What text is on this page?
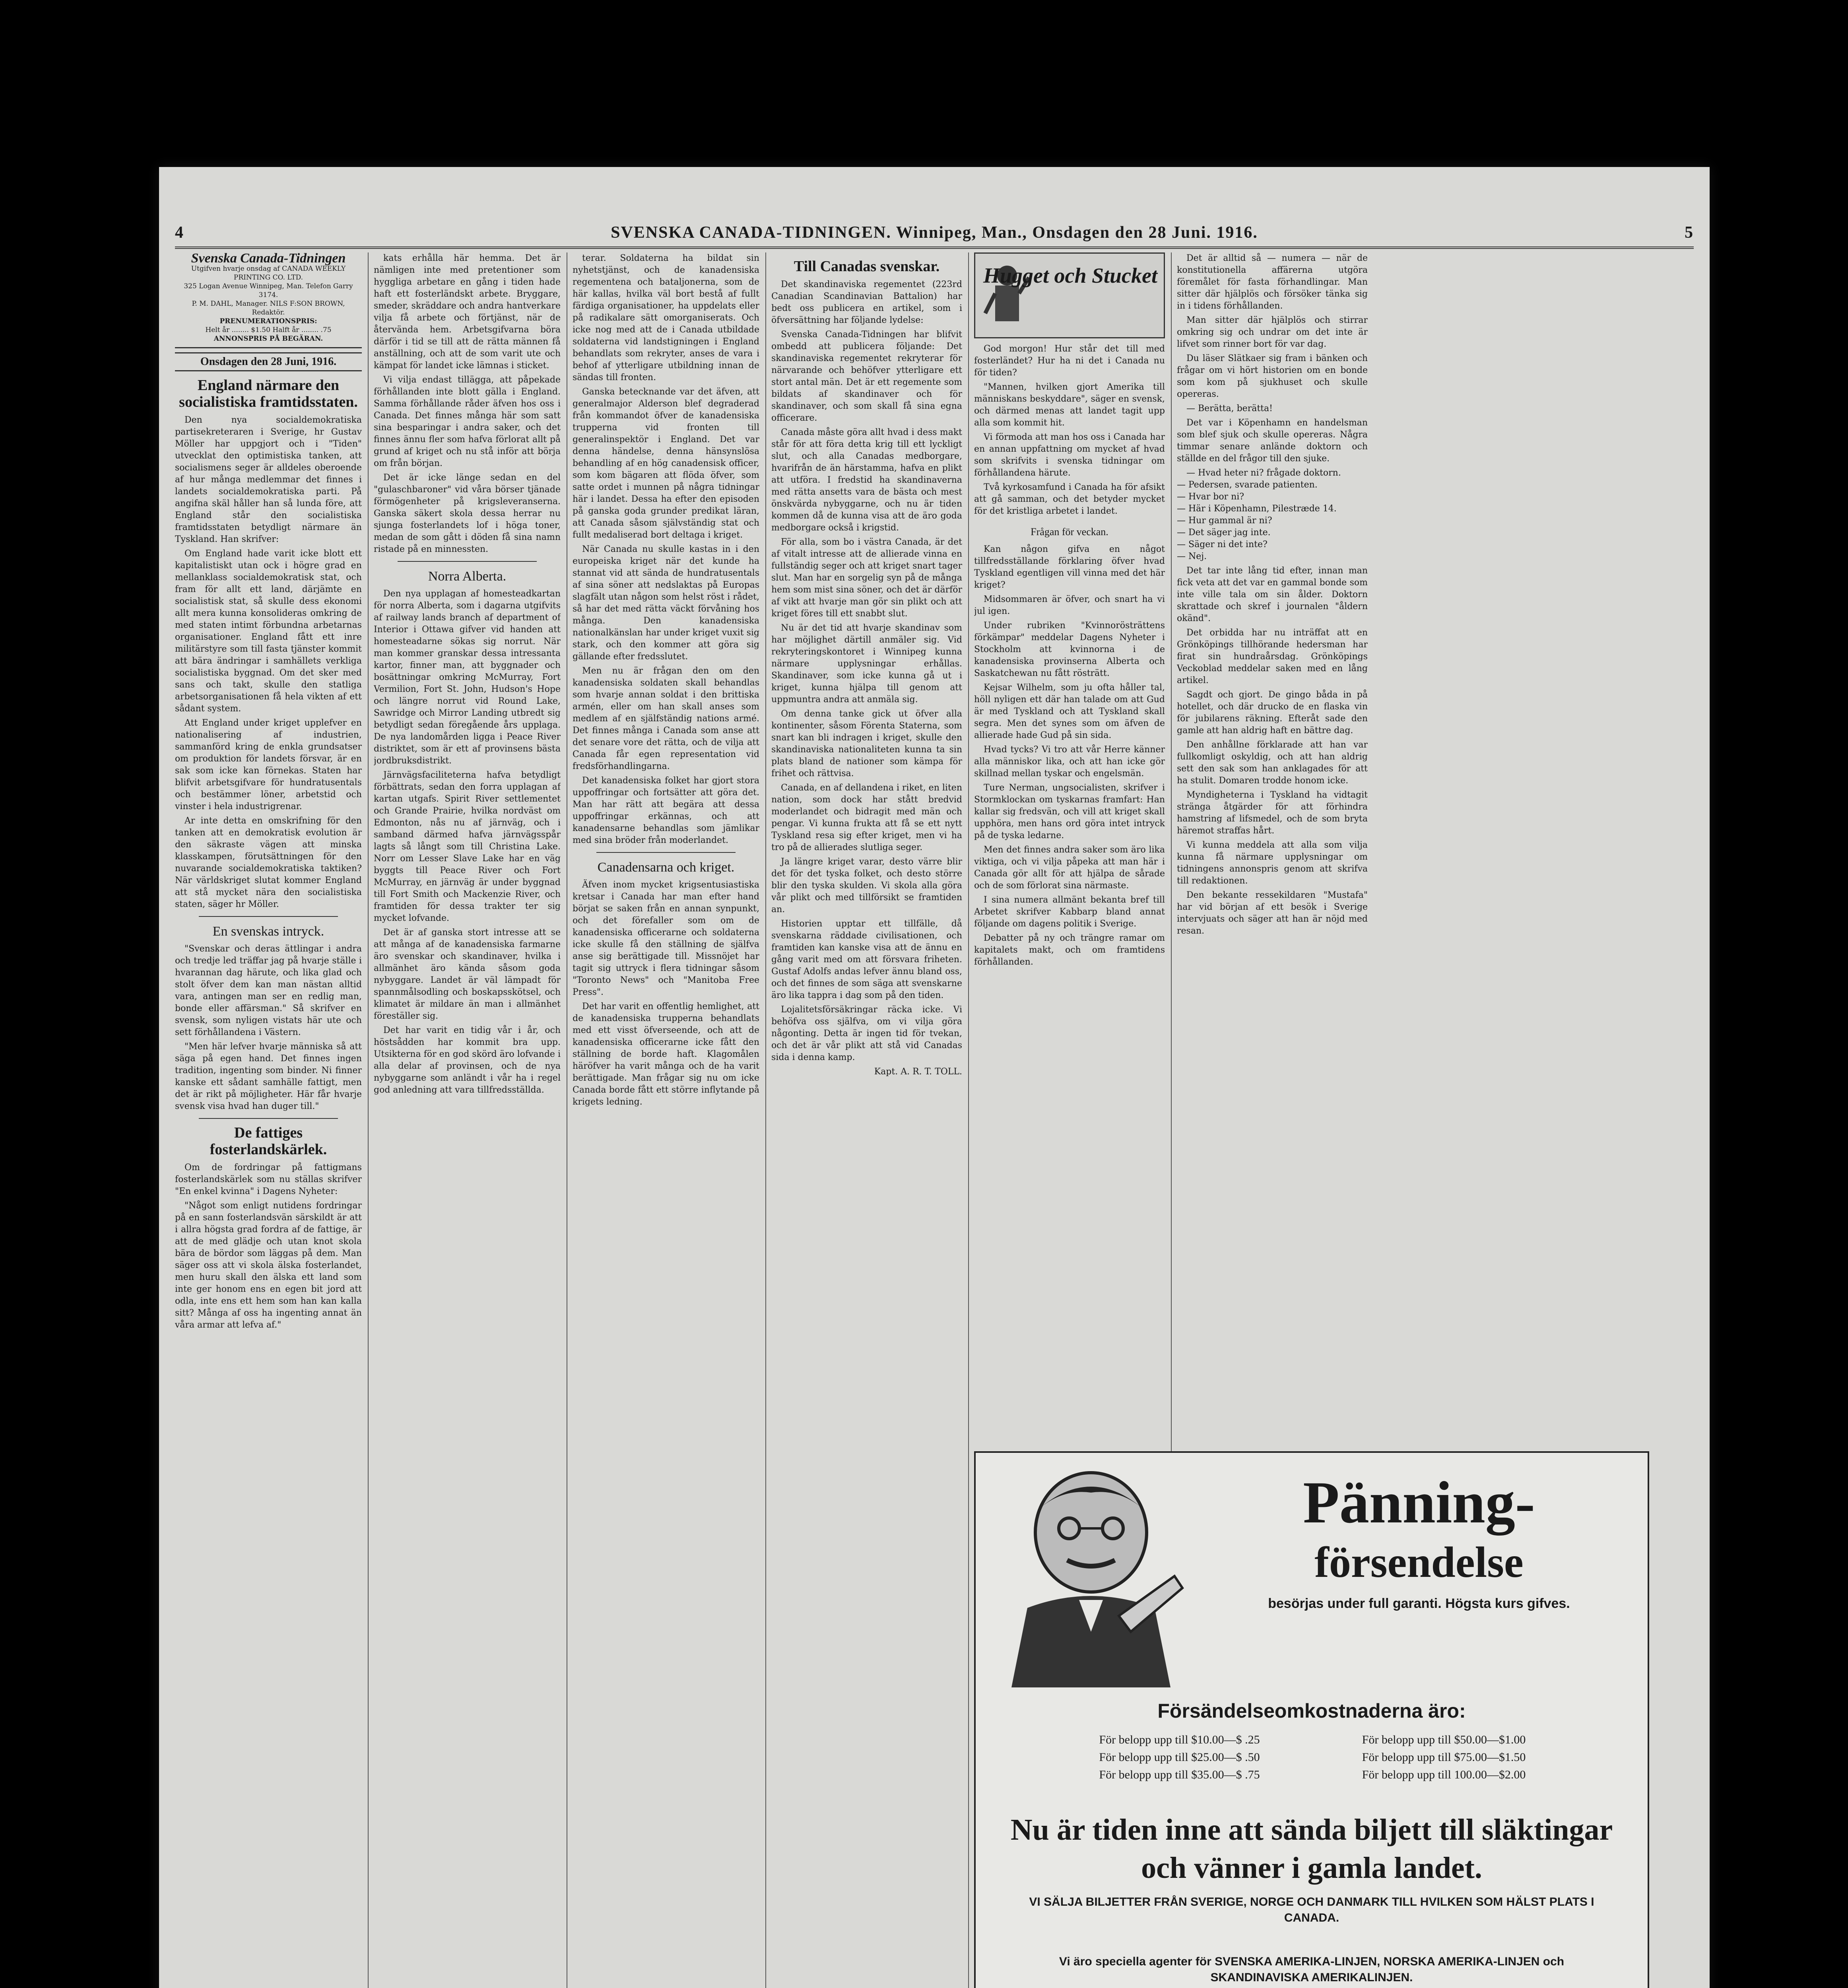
4	SVENSKA CANADA-TIDNINGEN. Winnipeg, Man., Onsdagen den 28 Juni. 1916.	5
Svenska Canada-Tidningen
Utgifven hvarje onsdag af CANADA WEEKLY PRINTING CO. LTD.
325 Logan Avenue Winnipeg, Man. Telefon Garry 3174.
P. M. DAHL, Manager. NILS F:SON BROWN, Redaktör.
PRENUMERATIONSPRIS:
Helt år ........ $1.50 Halft år ........ .75
ANNONSPRIS PÅ BEGÄRAN.
Onsdagen den 28 Juni, 1916.
England närmare den socialistiska framtidsstaten.

Den nya socialdemokratiska partisekreteraren i Sverige, hr Gustav Möller har uppgjort och i "Tiden" utvecklat den optimistiska tanken, att socialismens seger är alldeles oberoende af hur många medlemmar det finnes i landets socialdemokratiska parti. På angifna skäl håller han så lunda före, att England står den socialistiska framtidsstaten betydligt närmare än Tyskland. Han skrifver:

Om England hade varit icke blott ett kapitalistiskt utan ock i högre grad en mellanklass socialdemokratisk stat, och fram för allt ett land, därjämte en socialistisk stat, så skulle dess ekonomi allt mera kunna konsolideras omkring de med staten intimt förbundna arbetarnas organisationer. England fått ett inre militärstyre som till fasta tjänster kommit att bära ändringar i samhällets verkliga socialistiska byggnad. Om det sker med sans och takt, skulle den statliga arbetsorganisationen få hela vikten af ett sådant system.

Att England under kriget upplefver en nationalisering af industrien, sammanförd kring de enkla grundsatser om produktion för landets försvar, är en sak som icke kan förnekas. Staten har blifvit arbetsgifvare för hundratusentals och bestämmer löner, arbetstid och vinster i hela industrigrenar.

Ar inte detta en omskrifning för den tanken att en demokratisk evolution är den säkraste vägen att minska klasskampen, förutsättningen för den nuvarande socialdemokratiska taktiken? När världskriget slutat kommer England att stå mycket nära den socialistiska staten, säger hr Möller.

En svenskas intryck.

"Svenskar och deras ättlingar i andra och tredje led träffar jag på hvarje ställe i hvarannan dag härute, och lika glad och stolt öfver dem kan man nästan alltid vara, antingen man ser en redlig man, bonde eller affärsman." Så skrifver en svensk, som nyligen vistats här ute och sett förhållandena i Västern.

"Men här lefver hvarje människa så att säga på egen hand. Det finnes ingen tradition, ingenting som binder. Ni finner kanske ett sådant samhälle fattigt, men det är rikt på möjligheter. Här får hvarje svensk visa hvad han duger till."

De fattiges fosterlandskärlek.

Om de fordringar på fattigmans fosterlandskärlek som nu ställas skrifver "En enkel kvinna" i Dagens Nyheter:

"Något som enligt nutidens fordringar på en sann fosterlandsvän särskildt är att i allra högsta grad fordra af de fattige, är att de med glädje och utan knot skola bära de bördor som läggas på dem. Man säger oss att vi skola älska fosterlandet, men huru skall den älska ett land som inte ger honom ens en egen bit jord att odla, inte ens ett hem som han kan kalla sitt? Många af oss ha ingenting annat än våra armar att lefva af."

kats erhålla här hemma. Det är nämligen inte med pretentioner som hyggliga arbetare en gång i tiden hade haft ett fosterländskt arbete. Bryggare, smeder, skräddare och andra hantverkare vilja få arbete och förtjänst, när de återvända hem. Arbetsgifvarna böra därför i tid se till att de rätta männen få anställning, och att de som varit ute och kämpat för landet icke lämnas i sticket.

Vi vilja endast tillägga, att påpekade förhållanden inte blott gälla i England. Samma förhållande råder äfven hos oss i Canada. Det finnes många här som satt sina besparingar i andra saker, och det finnes ännu fler som hafva förlorat allt på grund af kriget och nu stå inför att börja om från början.

Det är icke länge sedan en del "gulaschbaroner" vid våra börser tjänade förmögenheter på krigsleveranserna. Ganska säkert skola dessa herrar nu sjunga fosterlandets lof i höga toner, medan de som gått i döden få sina namn ristade på en minnessten.

Norra Alberta.

Den nya upplagan af homesteadkartan för norra Alberta, som i dagarna utgifvits af railway lands branch af department of Interior i Ottawa gifver vid handen att homesteadarne sökas sig norrut. När man kommer granskar dessa intressanta kartor, finner man, att byggnader och bosättningar omkring McMurray, Fort Vermilion, Fort St. John, Hudson's Hope och längre norrut vid Round Lake, Sawridge och Mirror Landing utbredt sig betydligt sedan föregående års upplaga. De nya landomården ligga i Peace River distriktet, som är ett af provinsens bästa jordbruksdistrikt.

Järnvägsfaciliteterna hafva betydligt förbättrats, sedan den forra upplagan af kartan utgafs. Spirit River settlementet och Grande Prairie, hvilka nordväst om Edmonton, nås nu af järnväg, och i samband därmed hafva järnvägsspår lagts så långt som till Christina Lake. Norr om Lesser Slave Lake har en väg byggts till Peace River och Fort McMurray, en järnväg är under byggnad till Fort Smith och Mackenzie River, och framtiden för dessa trakter ter sig mycket lofvande.

Det är af ganska stort intresse att se att många af de kanadensiska farmarne äro svenskar och skandinaver, hvilka i allmänhet äro kända såsom goda nybyggare. Landet är väl lämpadt för spannmålsodling och boskapsskötsel, och klimatet är mildare än man i allmänhet föreställer sig.

Det har varit en tidig vår i år, och höstsådden har kommit bra upp. Utsikterna för en god skörd äro lofvande i alla delar af provinsen, och de nya nybyggarne som anländt i vår ha i regel god anledning att vara tillfredsställda.

terar. Soldaterna ha bildat sin nyhetstjänst, och de kanadensiska regementena och bataljonerna, som de här kallas, hvilka väl bort bestå af fullt färdiga organisationer, ha uppdelats eller på radikalare sätt omorganiserats. Och icke nog med att de i Canada utbildade soldaterna vid landstigningen i England behandlats som rekryter, anses de vara i behof af ytterligare utbildning innan de sändas till fronten.

Ganska betecknande var det äfven, att generalmajor Alderson blef degraderad från kommandot öfver de kanadensiska trupperna vid fronten till generalinspektör i England. Det var denna händelse, denna hänsynslösa behandling af en hög canadensisk officer, som kom bägaren att flöda öfver, som satte ordet i munnen på några tidningar här i landet. Dessa ha efter den episoden på ganska goda grunder predikat läran, att Canada såsom självständig stat och fullt medaliserad bort deltaga i kriget.

När Canada nu skulle kastas in i den europeiska kriget när det kunde ha stannat vid att sända de hundratusentals af sina söner att nedslaktas på Europas slagfält utan någon som helst röst i rådet, så har det med rätta väckt förvåning hos många. Den kanadensiska nationalkänslan har under kriget vuxit sig stark, och den kommer att göra sig gällande efter fredsslutet.

Men nu är frågan den om den kanadensiska soldaten skall behandlas som hvarje annan soldat i den brittiska armén, eller om han skall anses som medlem af en själfständig nations armé. Det finnes många i Canada som anse att det senare vore det rätta, och de vilja att Canada får egen representation vid fredsförhandlingarna.

Det kanadensiska folket har gjort stora uppoffringar och fortsätter att göra det. Man har rätt att begära att dessa uppoffringar erkännas, och att kanadensarne behandlas som jämlikar med sina bröder från moderlandet.

Canadensarna och kriget.

Äfven inom mycket krigsentusiastiska kretsar i Canada har man efter hand börjat se saken från en annan synpunkt, och det förefaller som om de kanadensiska officerarne och soldaterna icke skulle få den ställning de själfva anse sig berättigade till. Missnöjet har tagit sig uttryck i flera tidningar såsom "Toronto News" och "Manitoba Free Press".

Det har varit en offentlig hemlighet, att de kanadensiska trupperna behandlats med ett visst öfverseende, och att de kanadensiska officerarne icke fått den ställning de borde haft. Klagomålen häröfver ha varit många och de ha varit berättigade. Man frågar sig nu om icke Canada borde fått ett större inflytande på krigets ledning.

Till Canadas svenskar.

Det skandinaviska regementet (223rd Canadian Scandinavian Battalion) har bedt oss publicera en artikel, som i öfversättning har följande lydelse:

Svenska Canada-Tidningen har blifvit ombedd att publicera följande: Det skandinaviska regementet rekryterar för närvarande och behöfver ytterligare ett stort antal män. Det är ett regemente som bildats af skandinaver och för skandinaver, och som skall få sina egna officerare.

Canada måste göra allt hvad i dess makt står för att föra detta krig till ett lyckligt slut, och alla Canadas medborgare, hvarifrån de än härstamma, hafva en plikt att utföra. I fredstid ha skandinaverna med rätta ansetts vara de bästa och mest önskvärda nybyggarne, och nu är tiden kommen då de kunna visa att de äro goda medborgare också i krigstid.

För alla, som bo i västra Canada, är det af vitalt intresse att de allierade vinna en fullständig seger och att kriget snart tager slut. Man har en sorgelig syn på de många hem som mist sina söner, och det är därför af vikt att hvarje man gör sin plikt och att kriget föres till ett snabbt slut.

Nu är det tid att hvarje skandinav som har möjlighet därtill anmäler sig. Vid rekryteringskontoret i Winnipeg kunna närmare upplysningar erhållas. Skandinaver, som icke kunna gå ut i kriget, kunna hjälpa till genom att uppmuntra andra att anmäla sig.

Om denna tanke gick ut öfver alla kontinenter, såsom Förenta Staterna, som snart kan bli indragen i kriget, skulle den skandinaviska nationaliteten kunna ta sin plats bland de nationer som kämpa för frihet och rättvisa.

Canada, en af dellandena i riket, en liten nation, som dock har stått bredvid moderlandet och bidragit med män och pengar. Vi kunna frukta att få se ett nytt Tyskland resa sig efter kriget, men vi ha tro på de allierades slutliga seger.

Ja längre kriget varar, desto värre blir det för det tyska folket, och desto större blir den tyska skulden. Vi skola alla göra vår plikt och med tillförsikt se framtiden an.

Historien upptar ett tillfälle, då svenskarna räddade civilisationen, och framtiden kan kanske visa att de ännu en gång varit med om att försvara friheten. Gustaf Adolfs andas lefver ännu bland oss, och det finnes de som säga att svenskarne äro lika tappra i dag som på den tiden.

Lojalitetsförsäkringar räcka icke. Vi behöfva oss själfva, om vi vilja göra någonting. Detta är ingen tid för tvekan, och det är vår plikt att stå vid Canadas sida i denna kamp.

Kapt. A. R. T. TOLL.

Hugget och Stucket

God morgon! Hur står det till med fosterländet? Hur ha ni det i Canada nu för tiden?

"Mannen, hvilken gjort Amerika till människans beskyddare", säger en svensk, och därmed menas att landet tagit upp alla som kommit hit.

Vi förmoda att man hos oss i Canada har en annan uppfattning om mycket af hvad som skrifvits i svenska tidningar om förhållandena härute.

Två kyrkosamfund i Canada ha för afsikt att gå samman, och det betyder mycket för det kristliga arbetet i landet.

Frågan för veckan.

Kan någon gifva en något tillfredsställande förklaring öfver hvad Tyskland egentligen vill vinna med det här kriget?

Midsommaren är öfver, och snart ha vi jul igen.

Under rubriken "Kvinnorösträttens förkämpar" meddelar Dagens Nyheter i Stockholm att kvinnorna i de kanadensiska provinserna Alberta och Saskatchewan nu fått rösträtt.

Kejsar Wilhelm, som ju ofta håller tal, höll nyligen ett där han talade om att Gud är med Tyskland och att Tyskland skall segra. Men det synes som om äfven de allierade hade Gud på sin sida.

Hvad tycks? Vi tro att vår Herre känner alla människor lika, och att han icke gör skillnad mellan tyskar och engelsmän.

Ture Nerman, ungsocialisten, skrifver i Stormklockan om tyskarnas framfart: Han kallar sig fredsvän, och vill att kriget skall upphöra, men hans ord göra intet intryck på de tyska ledarne.

Men det finnes andra saker som äro lika viktiga, och vi vilja påpeka att man här i Canada gör allt för att hjälpa de sårade och de som förlorat sina närmaste.

I sina numera allmänt bekanta bref till Arbetet skrifver Kabbarp bland annat följande om dagens politik i Sverige.

Debatter på ny och trängre ramar om kapitalets makt, och om framtidens förhållanden.

Det är alltid så — numera — när de konstitutionella affärerna utgöra föremålet för fasta förhandlingar. Man sitter där hjälplös och försöker tänka sig in i tidens förhållanden.

Man sitter där hjälplös och stirrar omkring sig och undrar om det inte är lifvet som rinner bort för var dag.

Du läser Slätkaer sig fram i bänken och frågar om vi hört historien om en bonde som kom på sjukhuset och skulle opereras.

— Berätta, berätta!

Det var i Köpenhamn en handelsman som blef sjuk och skulle opereras. Några timmar senare anlände doktorn och ställde en del frågor till den sjuke.

— Hvad heter ni? frågade doktorn.
— Pedersen, svarade patienten.
— Hvar bor ni?
— Här i Köpenhamn, Pilestræde 14.
— Hur gammal är ni?
— Det säger jag inte.
— Säger ni det inte?
— Nej.

Det tar inte lång tid efter, innan man fick veta att det var en gammal bonde som inte ville tala om sin ålder. Doktorn skrattade och skref i journalen "åldern okänd".

Det orbidda har nu inträffat att en Grönköpings tillhörande hedersman har firat sin hundraårsdag. Grönköpings Veckoblad meddelar saken med en lång artikel.

Sagdt och gjort. De gingo båda in på hotellet, och där drucko de en flaska vin för jubilarens räkning. Efteråt sade den gamle att han aldrig haft en bättre dag.

Den anhållne förklarade att han var fullkomligt oskyldig, och att han aldrig sett den sak som han anklagades för att ha stulit. Domaren trodde honom icke.

Myndigheterna i Tyskland ha vidtagit stränga åtgärder för att förhindra hamstring af lifsmedel, och de som bryta häremot straffas hårt.

Vi kunna meddela att alla som vilja kunna få närmare upplysningar om tidningens annonspris genom att skrifva till redaktionen.

Den bekante ressekildaren "Mustafa" har vid början af ett besök i Sverige intervjuats och säger att han är nöjd med resan.

Pänning-
försendelse
besörjas under full garanti. Högsta kurs gifves.
Försändelseomkostnaderna äro:
För belopp upp till $10.00—$ .25	För belopp upp till $50.00—$1.00
För belopp upp till $25.00—$ .50	För belopp upp till $75.00—$1.50
För belopp upp till $35.00—$ .75	För belopp upp till 100.00—$2.00
Nu är tiden inne att sända biljett till släktingar och vänner i gamla landet.
VI SÄLJA BILJETTER FRÅN SVERIGE, NORGE OCH DANMARK TILL HVILKEN SOM HÄLST PLATS I CANADA.
Vi äro speciella agenter för SVENSKA AMERIKA-LINJEN, NORSKA AMERIKA-LINJEN och SKANDINAVISKA AMERIKALINJEN.
